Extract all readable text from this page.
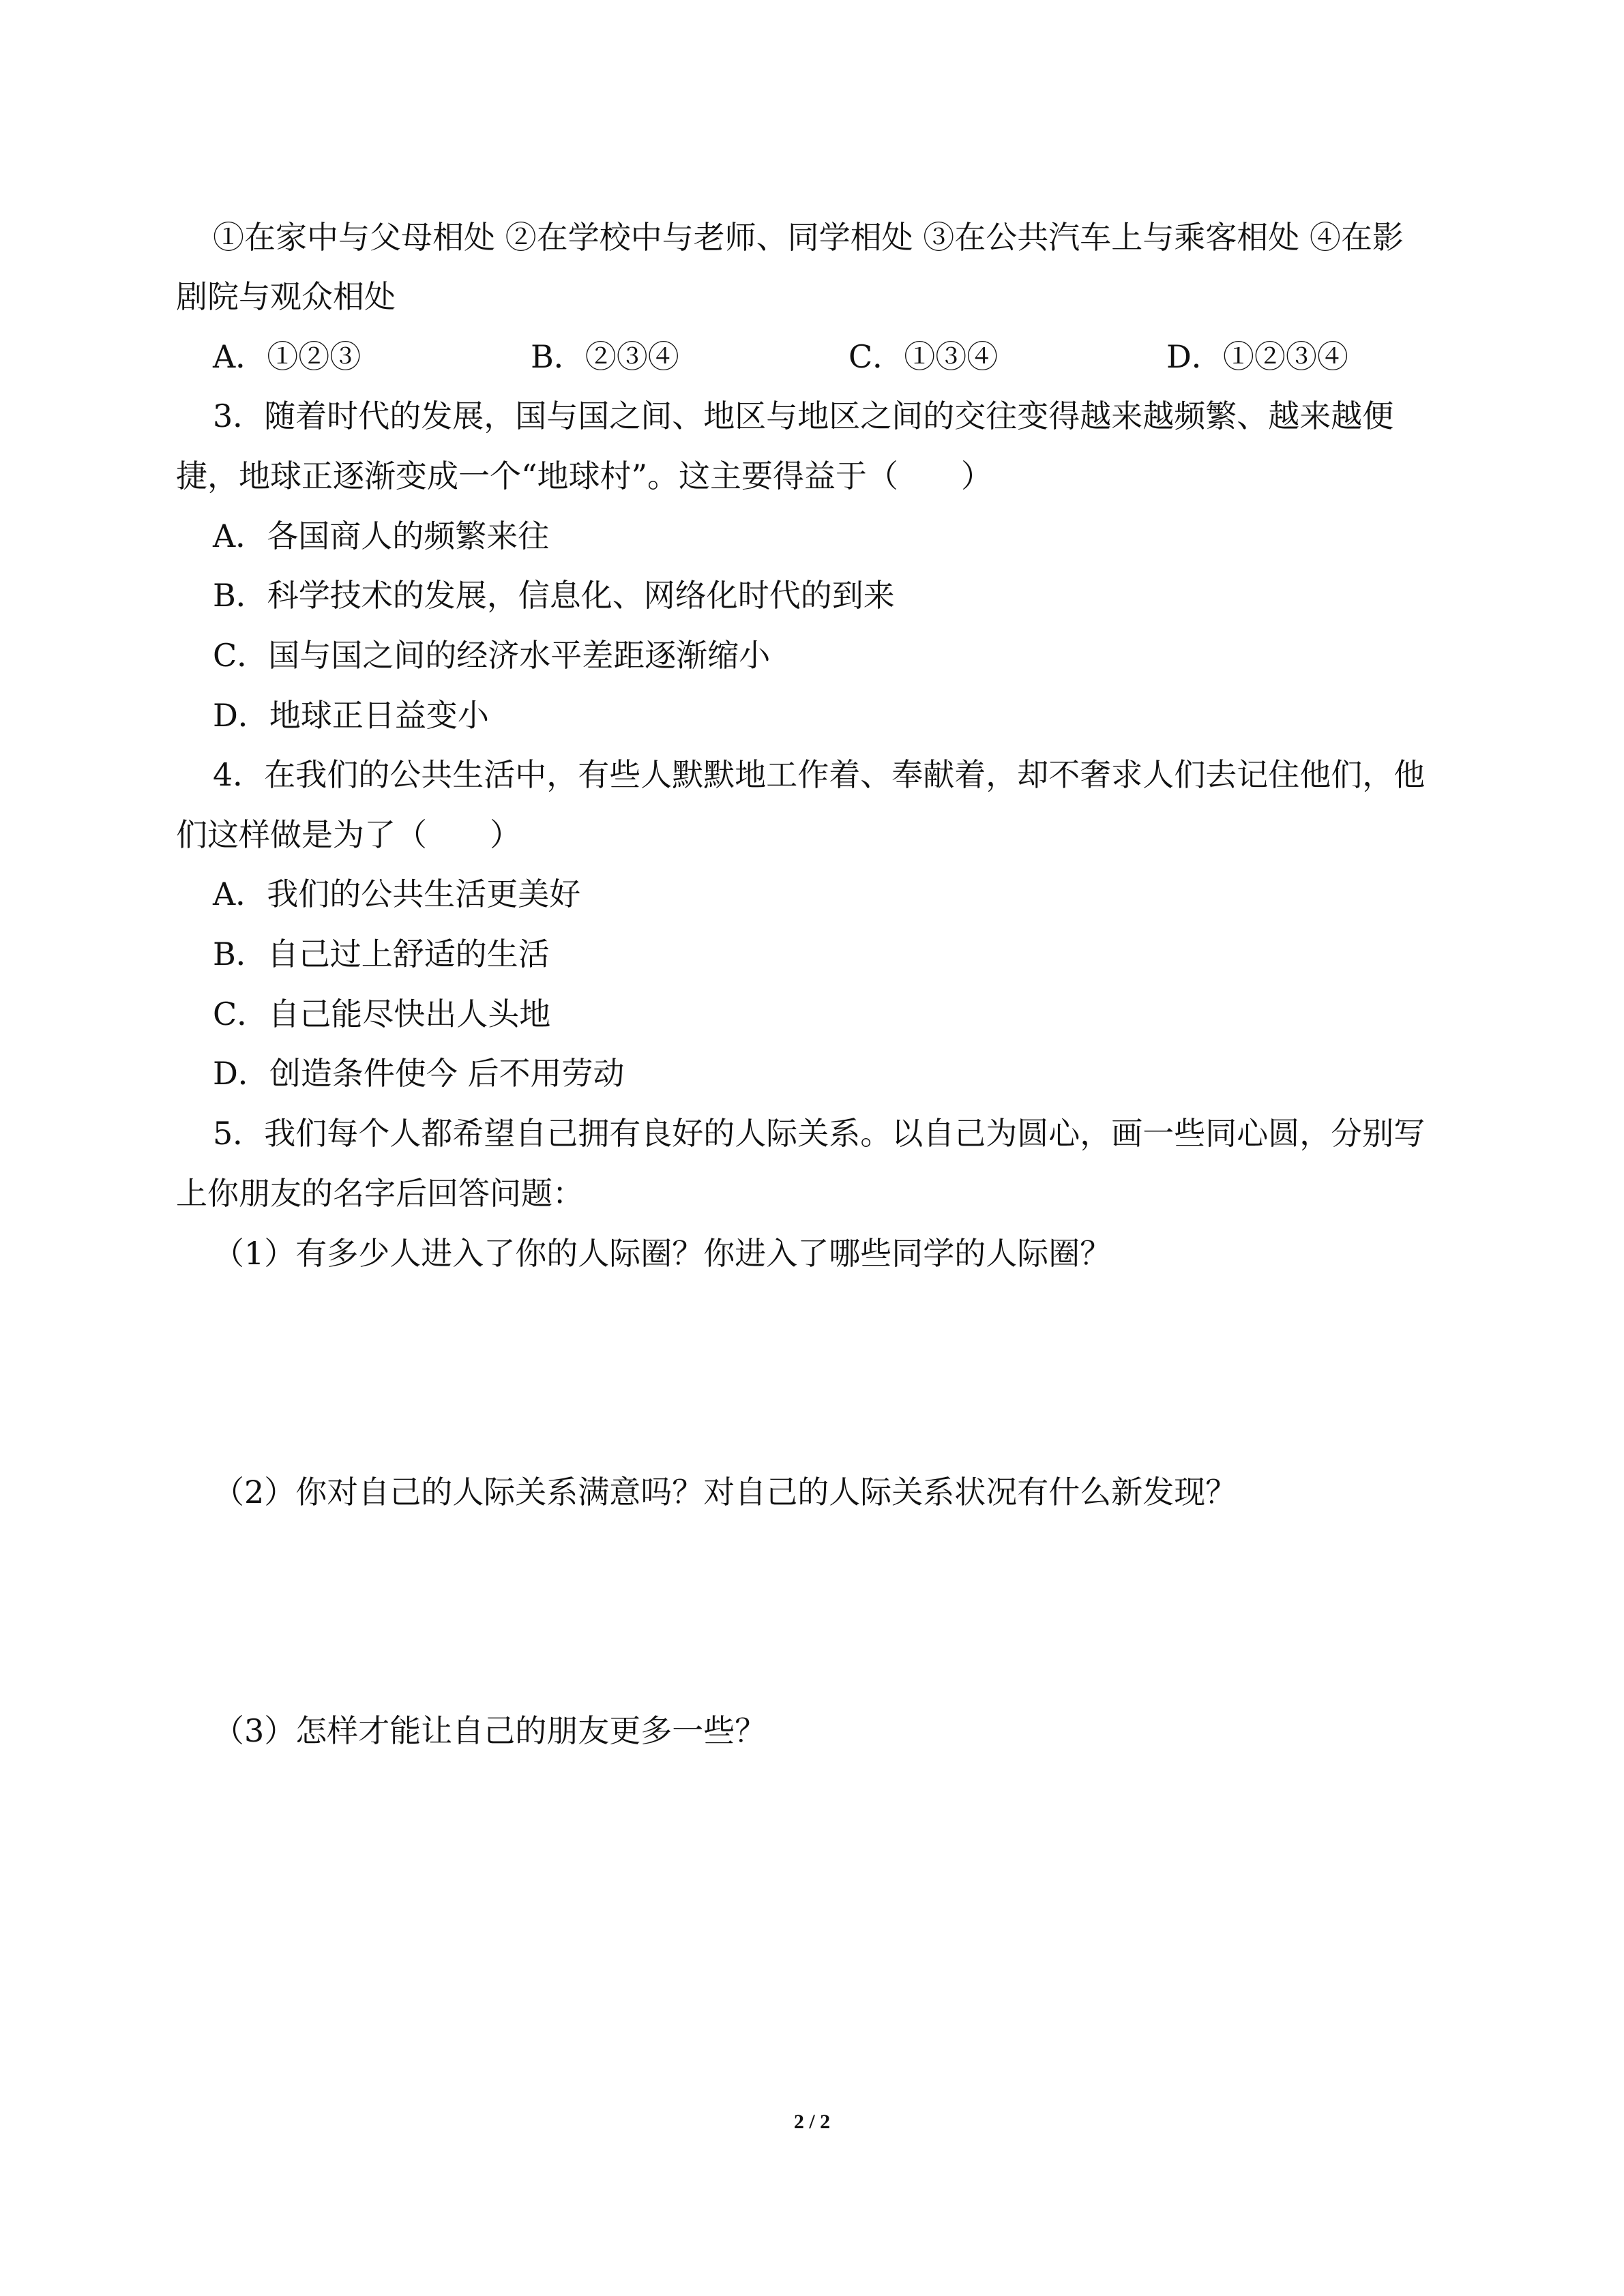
①在家中与父母相处 ②在学校中与老师、同学相处 ③在公共汽车上与乘客相处 ④在影
剧院与观众相处
A．①②③	B．②③④	C．①③④	D．①②③④
3．随着时代的发展，国与国之间、地区与地区之间的交往变得越来越频繁、越来越便
捷，地球正逐渐变成一个“地球村”。这主要得益于（　　）
A．各国商人的频繁来往
B．科学技术的发展，信息化、网络化时代的到来
C．国与国之间的经济水平差距逐渐缩小
D．地球正日益变小
4．在我们的公共生活中，有些人默默地工作着、奉献着，却不奢求人们去记住他们，他
们这样做是为了（　　）
A．我们的公共生活更美好
B．自己过上舒适的生活
C．自己能尽快出人头地
D．创造条件使今 后不用劳动
5．我们每个人都希望自己拥有良好的人际关系。以自己为圆心，画一些同心圆，分别写
上你朋友的名字后回答问题：
（1）有多少人进入了你的人际圈？你进入了哪些同学的人际圈？
（2）你对自己的人际关系满意吗？对自己的人际关系状况有什么新发现？
（3）怎样才能让自己的朋友更多一些？
2 / 2
